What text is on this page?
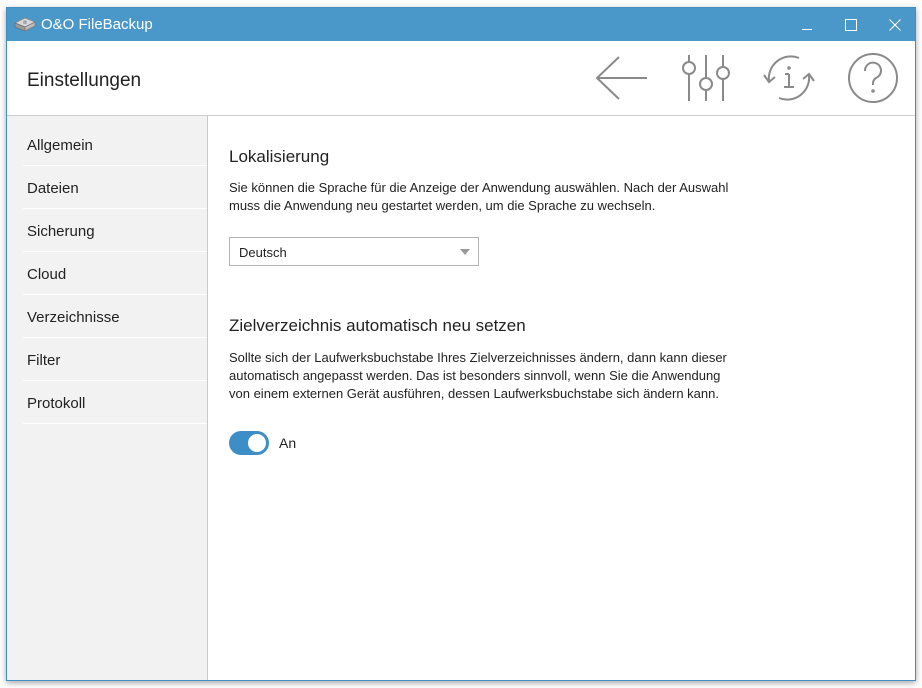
O&O FileBackup
Einstellungen
Allgemein
Dateien
Sicherung
Cloud
Verzeichnisse
Filter
Protokoll
Lokalisierung
Sie können die Sprache für die Anzeige der Anwendung auswählen. Nach der Auswahl muss die Anwendung neu gestartet werden, um die Sprache zu wechseln.
Deutsch
Zielverzeichnis automatisch neu setzen
Sollte sich der Laufwerksbuchstabe Ihres Zielverzeichnisses ändern, dann kann dieser automatisch angepasst werden. Das ist besonders sinnvoll, wenn Sie die Anwendung von einem externen Gerät ausführen, dessen Laufwerksbuchstabe sich ändern kann.
An
